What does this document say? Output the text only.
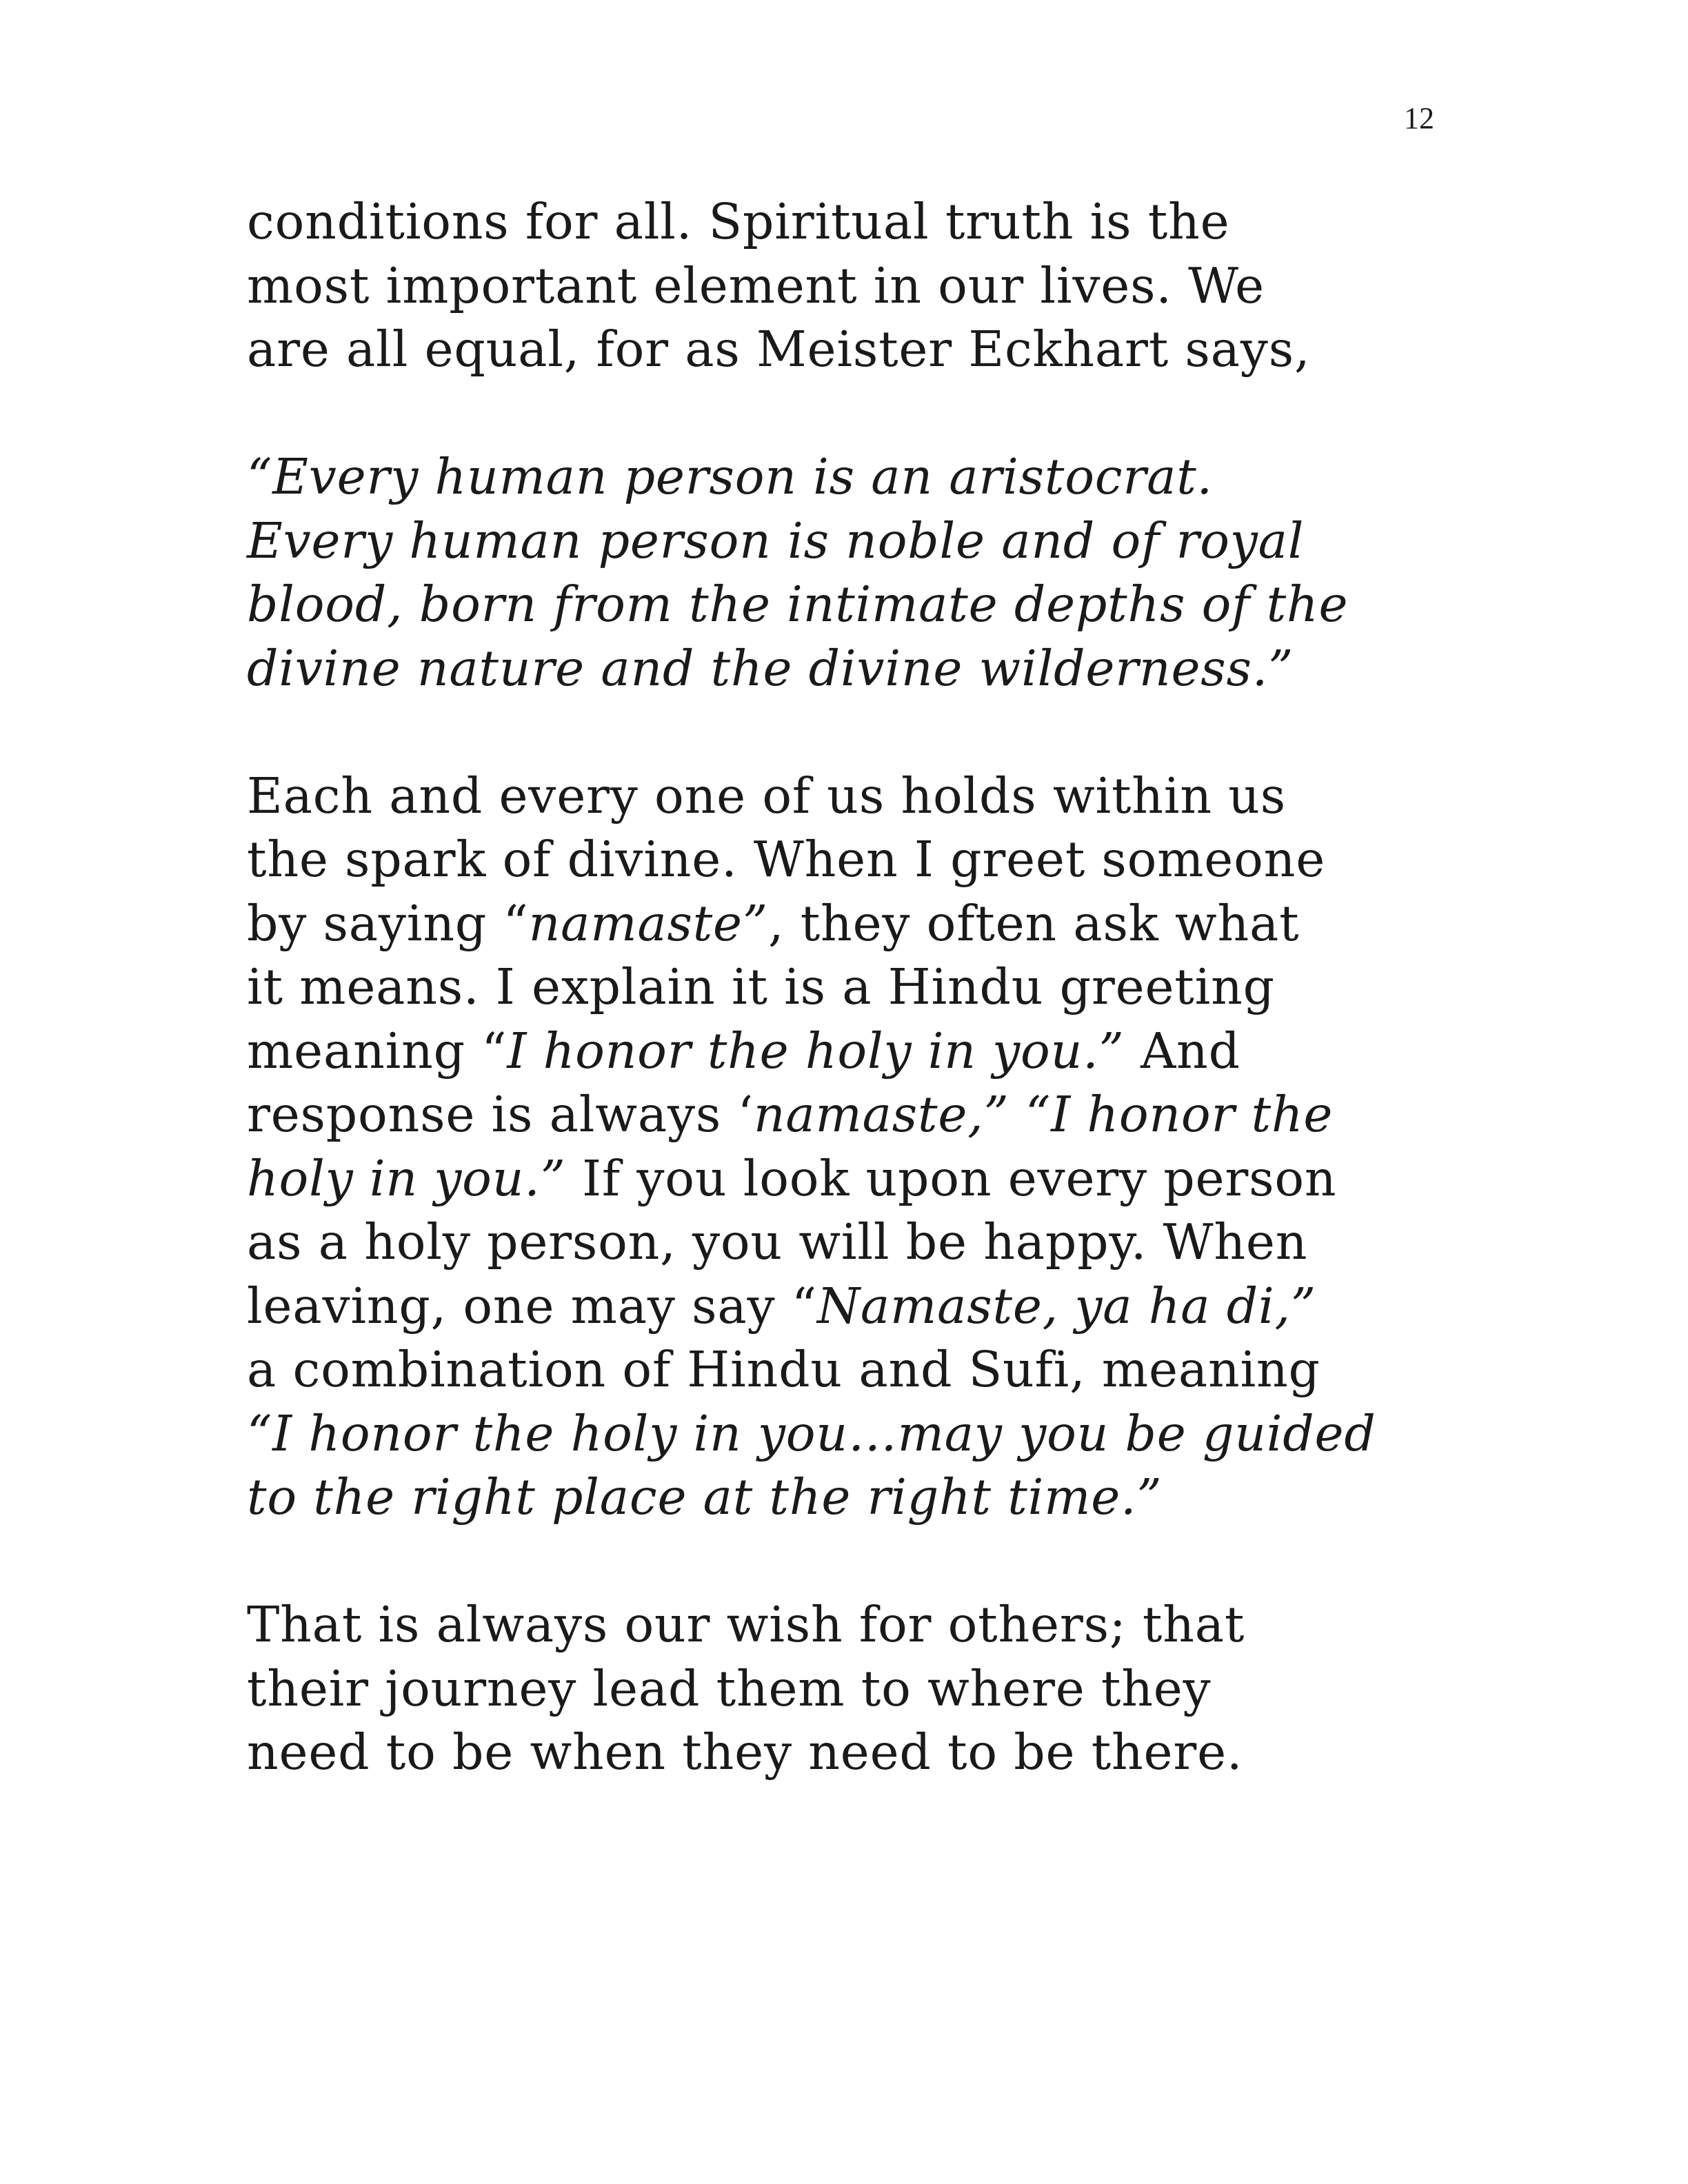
12
conditions for all. Spiritual truth is the
most important element in our lives. We
are all equal, for as Meister Eckhart says,
“Every human person is an aristocrat.
Every human person is noble and of royal
blood, born from the intimate depths of the
divine nature and the divine wilderness.”
Each and every one of us holds within us
the spark of divine. When I greet someone
by saying “namaste”, they often ask what
it means. I explain it is a Hindu greeting
meaning “I honor the holy in you.” And
response is always ‘namaste,” “I honor the
holy in you.” If you look upon every person
as a holy person, you will be happy. When
leaving, one may say “Namaste, ya ha di,”
a combination of Hindu and Sufi, meaning
“I honor the holy in you…may you be guided
to the right place at the right time.”
That is always our wish for others; that
their journey lead them to where they
need to be when they need to be there.
